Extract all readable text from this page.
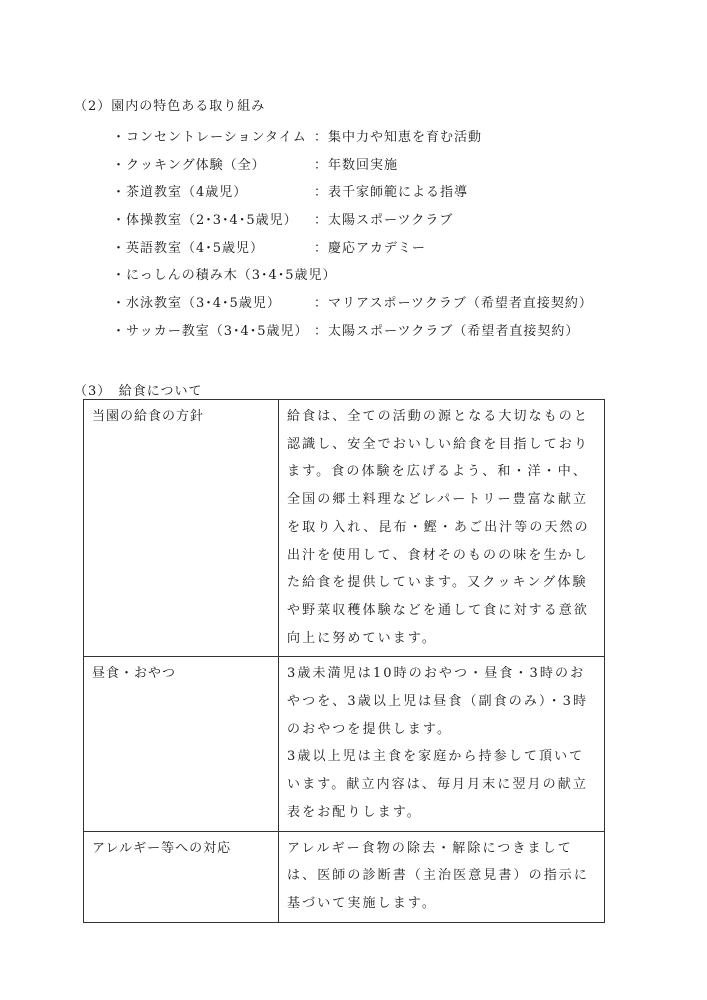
（2）園内の特色ある取り組み
・コンセントレーションタイム ：集中力や知恵を育む活動
・クッキング体験（全）	：年数回実施
・茶道教室（4歳児）	：表千家師範による指導
・体操教室（2･3･4･5歳児） ：太陽スポーツクラブ
・英語教室（4･5歳児）	：慶応アカデミー
・にっしんの積み木（3･4･5歳児）
・水泳教室（3･4･5歳児）	：マリアスポーツクラブ（希望者直接契約）
・サッカー教室（3･4･5歳児） ：太陽スポーツクラブ（希望者直接契約）
（3）　給食について
当園の給食の方針	給食は、全ての活動の源となる大切なものと認識し、安全でおいしい給食を目指しております。食の体験を広げるよう、和・洋・中、全国の郷土料理などレパートリー豊富な献立を取り入れ、昆布・鰹・あご出汁等の天然の出汁を使用して、食材そのものの味を生かした給食を提供しています。又クッキング体験や野菜収穫体験などを通して食に対する意欲向上に努めています。

昼食・おやつ	3歳未満児は10時のおやつ・昼食・3時のおやつを、3歳以上児は昼食（副食のみ）・3時のおやつを提供します。
3歳以上児は主食を家庭から持参して頂いています。献立内容は、毎月月末に翌月の献立表をお配りします。

アレルギー等への対応	アレルギー食物の除去・解除につきましては、医師の診断書（主治医意見書）の指示に基づいて実施します。
